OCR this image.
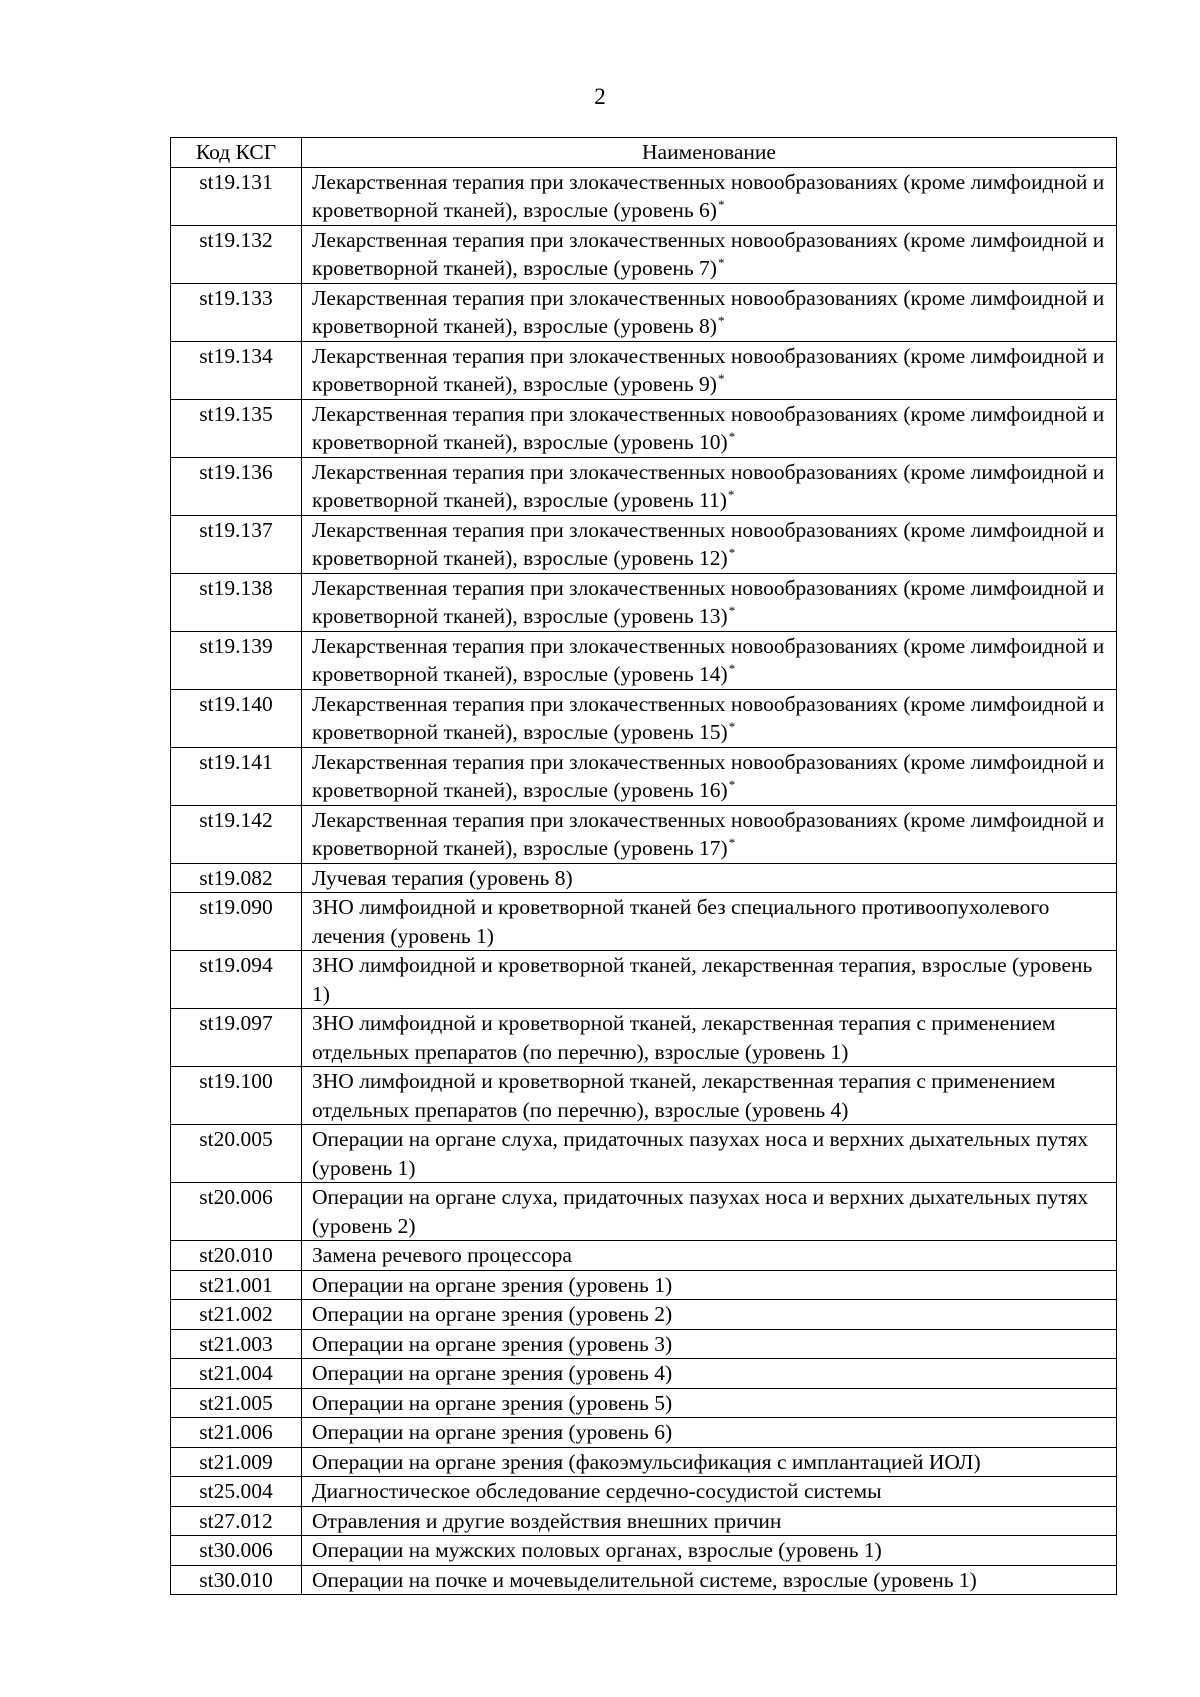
2
Код КСГ	Наименование
st19.131	Лекарственная терапия при злокачественных новообразованиях (кроме лимфоидной и кроветворной тканей), взрослые (уровень 6)*
st19.132	Лекарственная терапия при злокачественных новообразованиях (кроме лимфоидной и кроветворной тканей), взрослые (уровень 7)*
st19.133	Лекарственная терапия при злокачественных новообразованиях (кроме лимфоидной и кроветворной тканей), взрослые (уровень 8)*
st19.134	Лекарственная терапия при злокачественных новообразованиях (кроме лимфоидной и кроветворной тканей), взрослые (уровень 9)*
st19.135	Лекарственная терапия при злокачественных новообразованиях (кроме лимфоидной и кроветворной тканей), взрослые (уровень 10)*
st19.136	Лекарственная терапия при злокачественных новообразованиях (кроме лимфоидной и кроветворной тканей), взрослые (уровень 11)*
st19.137	Лекарственная терапия при злокачественных новообразованиях (кроме лимфоидной и кроветворной тканей), взрослые (уровень 12)*
st19.138	Лекарственная терапия при злокачественных новообразованиях (кроме лимфоидной и кроветворной тканей), взрослые (уровень 13)*
st19.139	Лекарственная терапия при злокачественных новообразованиях (кроме лимфоидной и кроветворной тканей), взрослые (уровень 14)*
st19.140	Лекарственная терапия при злокачественных новообразованиях (кроме лимфоидной и кроветворной тканей), взрослые (уровень 15)*
st19.141	Лекарственная терапия при злокачественных новообразованиях (кроме лимфоидной и кроветворной тканей), взрослые (уровень 16)*
st19.142	Лекарственная терапия при злокачественных новообразованиях (кроме лимфоидной и кроветворной тканей), взрослые (уровень 17)*
st19.082	Лучевая терапия (уровень 8)
st19.090	ЗНО лимфоидной и кроветворной тканей без специального противоопухолевого лечения (уровень 1)
st19.094	ЗНО лимфоидной и кроветворной тканей, лекарственная терапия, взрослые (уровень 1)
st19.097	ЗНО лимфоидной и кроветворной тканей, лекарственная терапия с применением отдельных препаратов (по перечню), взрослые (уровень 1)
st19.100	ЗНО лимфоидной и кроветворной тканей, лекарственная терапия с применением отдельных препаратов (по перечню), взрослые (уровень 4)
st20.005	Операции на органе слуха, придаточных пазухах носа и верхних дыхательных путях (уровень 1)
st20.006	Операции на органе слуха, придаточных пазухах носа и верхних дыхательных путях (уровень 2)
st20.010	Замена речевого процессора
st21.001	Операции на органе зрения (уровень 1)
st21.002	Операции на органе зрения (уровень 2)
st21.003	Операции на органе зрения (уровень 3)
st21.004	Операции на органе зрения (уровень 4)
st21.005	Операции на органе зрения (уровень 5)
st21.006	Операции на органе зрения (уровень 6)
st21.009	Операции на органе зрения (факоэмульсификация с имплантацией ИОЛ)
st25.004	Диагностическое обследование сердечно-сосудистой системы
st27.012	Отравления и другие воздействия внешних причин
st30.006	Операции на мужских половых органах, взрослые (уровень 1)
st30.010	Операции на почке и мочевыделительной системе, взрослые (уровень 1)
